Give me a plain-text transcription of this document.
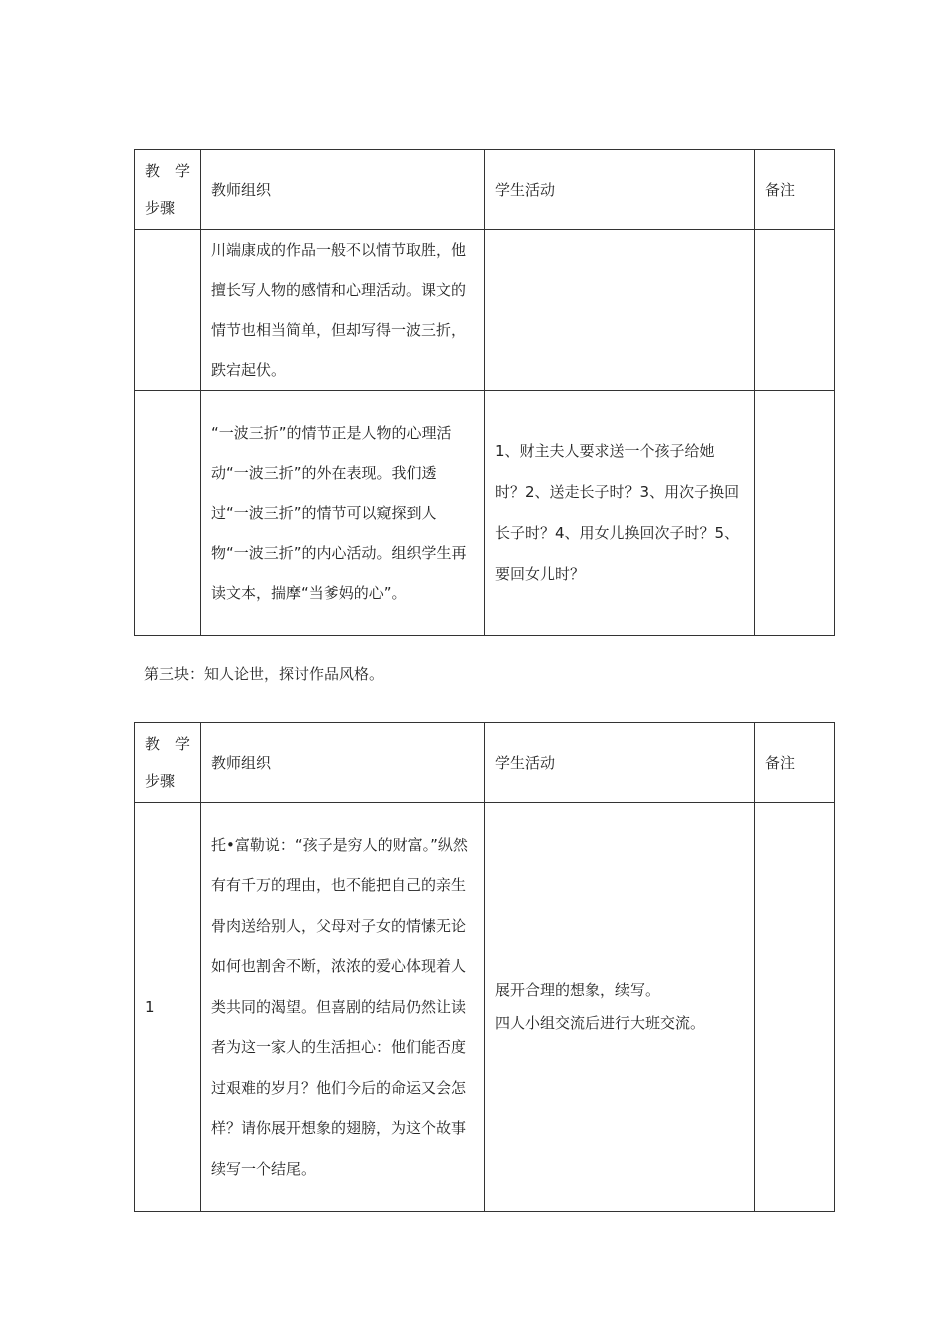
教　学
步骤	教师组织	学生活动	备注
	川端康成的作品一般不以情节取胜，他擅长写人物的感情和心理活动。课文的情节也相当简单，但却写得一波三折，跌宕起伏。		
	“一波三折”的情节正是人物的心理活动“一波三折”的外在表现。我们透过“一波三折”的情节可以窥探到人物“一波三折”的内心活动。组织学生再读文本，揣摩“当爹妈的心”。	1、财主夫人要求送一个孩子给她时？2、送走长子时？3、用次子换回长子时？4、用女儿换回次子时？5、要回女儿时？	
第三块：知人论世，探讨作品风格。
教　学
步骤	教师组织	学生活动	备注
1	托•富勒说：“孩子是穷人的财富。”纵然有有千万的理由，也不能把自己的亲生骨肉送给别人，父母对子女的情愫无论如何也割舍不断，浓浓的爱心体现着人类共同的渴望。但喜剧的结局仍然让读者为这一家人的生活担心：他们能否度过艰难的岁月？他们今后的命运又会怎样？请你展开想象的翅膀，为这个故事续写一个结尾。	展开合理的想象，续写。
四人小组交流后进行大班交流。	
